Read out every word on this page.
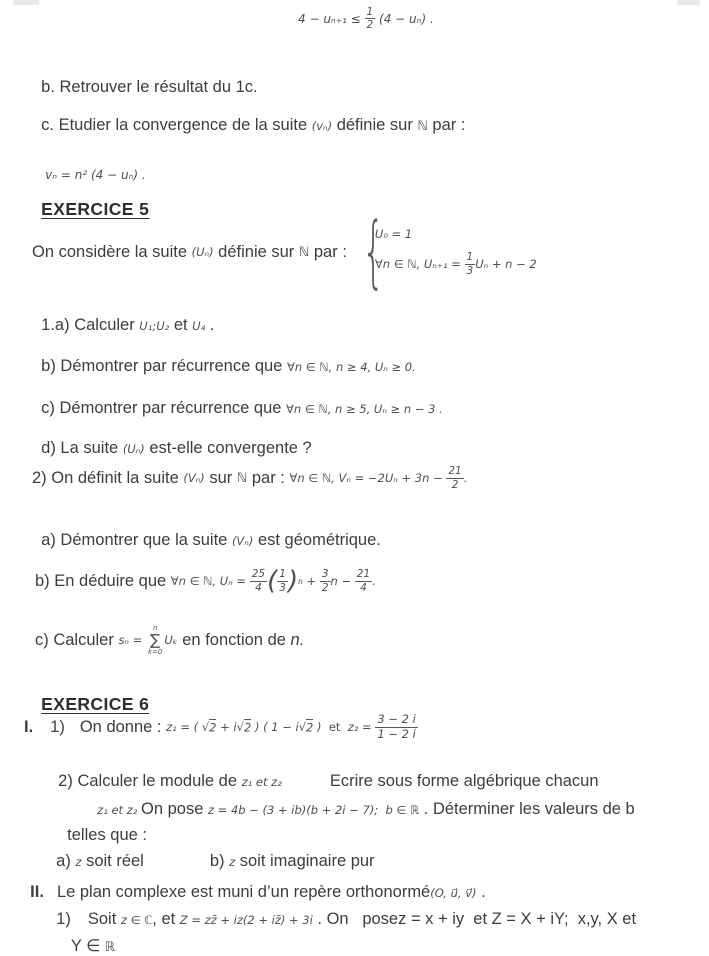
$4 - u_{n+1} \le \frac{1}{2} (4 - u_n)$ .

b. Retrouver le résultat du 1c.

c. Etudier la convergence de la suite (vₙ) définie sur ℕ par :

vₙ = n² (4 − uₙ) .

EXERCICE 5

On considère la suite (Uₙ) définie sur ℕ par : {
U₀ = 1
∀n ∈ ℕ, $U_{n+1} = \frac{1}{3}$ Uₙ + n − 2

1.a) Calculer U₁;U₂ et U₄ .

b) Démontrer par récurrence que ∀n ∈ ℕ, n ≥ 4, Uₙ ≥ 0.

c) Démontrer par récurrence que ∀n ∈ ℕ, n ≥ 5, Uₙ ≥ n − 3 .

d) La suite (Uₙ) est-elle convergente ?

2) On définit la suite (Vₙ) sur ℕ par : ∀n ∈ ℕ, $V_n = -2U_n + 3n - \frac{21}{2}$ .

a) Démontrer que la suite (Vₙ) est géométrique.

b) En déduire que ∀n ∈ ℕ, $U_n = \frac{25}{4}$ ( $\frac{1}{3}$ ) $n + \frac{3}{2}$ $n - \frac{21}{4}$ .
c) Calculer sₙ =
n
∑
k=0
Uₖ en fonction de n.

EXERCICE 6

I. 1) On donne : z₁ = ( √2 + i√2 ) ( 1 − i√2 ) et $z_2 = \frac{3 - 2 i}{1 - 2 i}$

2) Calculer le module de z₁ et z₂	Ecrire sous forme algébrique chacun

z₁ et z₂ On pose z = 4b − (3 + ib)(b + 2i − 7);  b ∈ ℝ . Déterminer les valeurs de b

telles que :

a) z soit réel	b) z soit imaginaire pur

II. Le plan complexe est muni d’un repère orthonormé(O, u⃗, v⃗) .

1) Soit z ∈ ℂ, et Z = zz̄ + iz(2 + iz̄) + 3i . On   posez = x + iy  et Z = X + iY;  x,y, X et

Y ∈ ℝ
